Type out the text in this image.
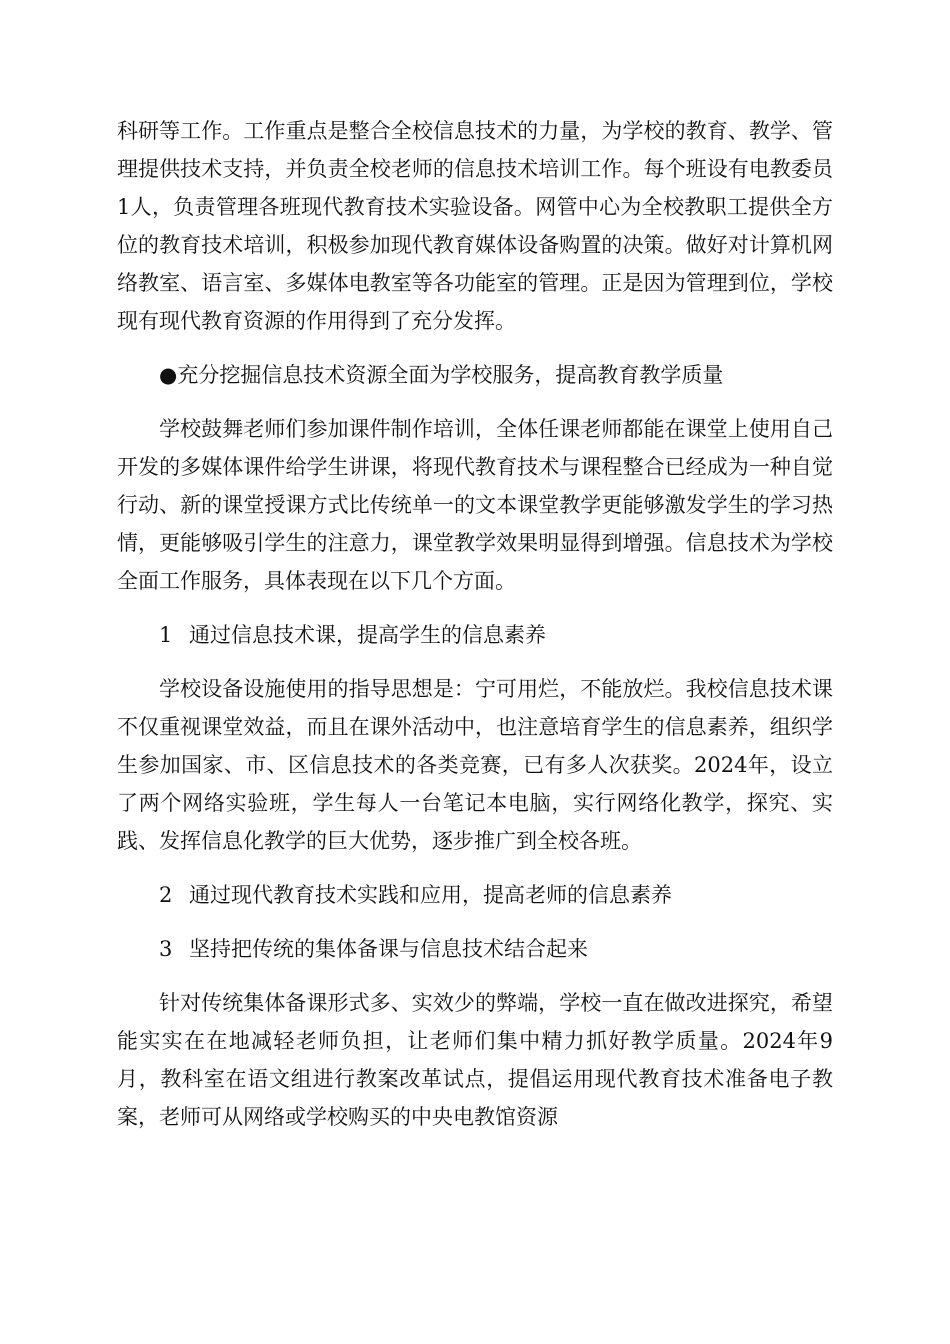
科研等工作。工作重点是整合全校信息技术的力量，为学校的教育、教学、管理提供技术支持，并负责全校老师的信息技术培训工作。每个班设有电教委员1人，负责管理各班现代教育技术实验设备。网管中心为全校教职工提供全方位的教育技术培训，积极参加现代教育媒体设备购置的决策。做好对计算机网络教室、语言室、多媒体电教室等各功能室的管理。正是因为管理到位，学校现有现代教育资源的作用得到了充分发挥。

●充分挖掘信息技术资源全面为学校服务，提高教育教学质量

学校鼓舞老师们参加课件制作培训，全体任课老师都能在课堂上使用自己开发的多媒体课件给学生讲课，将现代教育技术与课程整合已经成为一种自觉行动、新的课堂授课方式比传统单一的文本课堂教学更能够激发学生的学习热情，更能够吸引学生的注意力，课堂教学效果明显得到增强。信息技术为学校全面工作服务，具体表现在以下几个方面。

1 通过信息技术课，提高学生的信息素养

学校设备设施使用的指导思想是：宁可用烂，不能放烂。我校信息技术课不仅重视课堂效益，而且在课外活动中，也注意培育学生的信息素养，组织学生参加国家、市、区信息技术的各类竞赛，已有多人次获奖。2024年，设立了两个网络实验班，学生每人一台笔记本电脑，实行网络化教学，探究、实践、发挥信息化教学的巨大优势，逐步推广到全校各班。

2 通过现代教育技术实践和应用，提高老师的信息素养

3 坚持把传统的集体备课与信息技术结合起来

针对传统集体备课形式多、实效少的弊端，学校一直在做改进探究，希望能实实在在地减轻老师负担，让老师们集中精力抓好教学质量。2024年9月，教科室在语文组进行教案改革试点，提倡运用现代教育技术准备电子教案，老师可从网络或学校购买的中央电教馆资源
